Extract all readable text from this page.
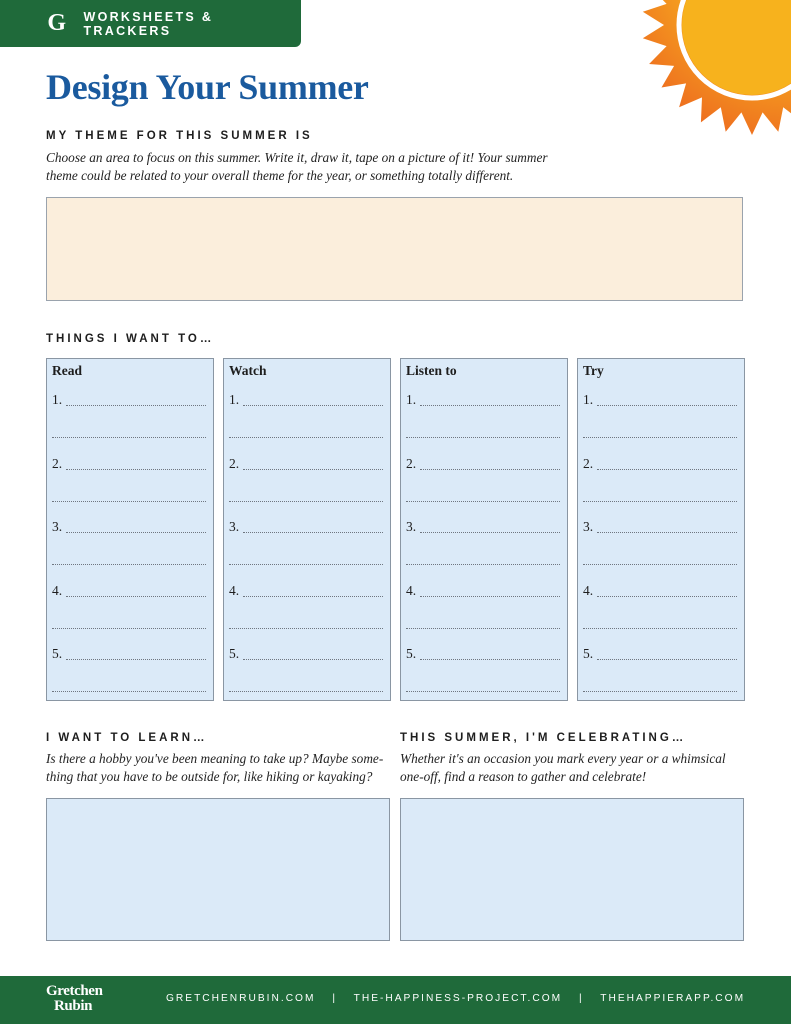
G WORKSHEETS & TRACKERS
Design Your Summer
MY THEME FOR THIS SUMMER IS

Choose an area to focus on this summer. Write it, draw it, tape on a picture of it! Your summer

theme could be related to your overall theme for the year, or something totally different.

THINGS I WANT TO…
Read
1.
2.
3.
4.
5.
Watch
1.
2.
3.
4.
5.
Listen to
1.
2.
3.
4.
5.
Try
1.
2.
3.
4.
5.
I WANT TO LEARN…

Is there a hobby you've been meaning to take up? Maybe some-

thing that you have to be outside for, like hiking or kayaking?

THIS SUMMER, I'M CELEBRATING…

Whether it's an occasion you mark every year or a whimsical

one-off, find a reason to gather and celebrate!

Gretchen
Rubin	GRETCHENRUBIN.COM | THE-HAPPINESS-PROJECT.COM | THEHAPPIERAPP.COM
